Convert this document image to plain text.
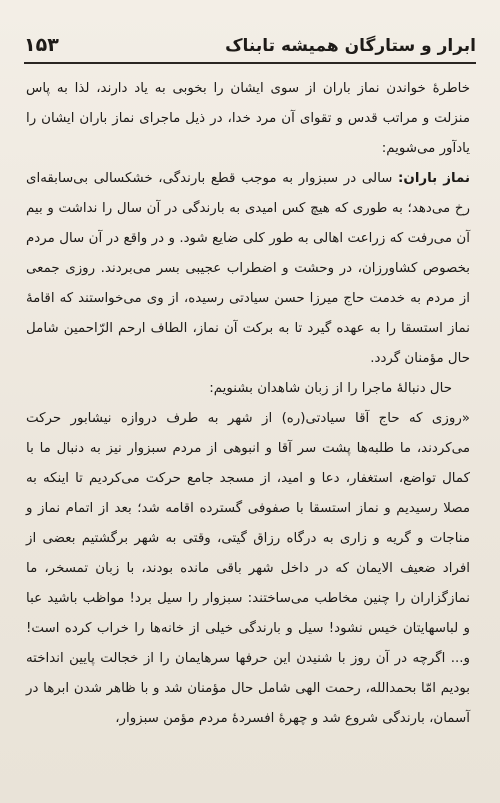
ابرار و ستارگان همیشه تابناک
۱۵۳

خاطرهٔ خواندن نماز باران از سوی ایشان را بخوبی به یاد دارند، لذا به پاس منزلت و مراتب قدس و تقوای آن مرد خدا، در ذیل ماجرای نماز باران ایشان را یادآور می‌شویم:

نماز باران: سالی در سبزوار به موجب قطع بارندگی، خشکسالی بی‌سابقه‌ای رخ می‌دهد؛ به طوری که هیچ کس امیدی به بارندگی در آن سال را نداشت و بیم آن می‌رفت که زراعت اهالی به طور کلی ضایع شود. و در واقع در آن سال مردم بخصوص کشاورزان، در وحشت و اضطراب عجیبی بسر می‌بردند. روزی جمعی از مردم به خدمت حاج میرزا حسن سیادتی رسیده، از وی می‌خواستند که اقامهٔ نماز استسقا را به عهده گیرد تا به برکت آن نماز، الطاف ارحم الرّاحمین شامل حال مؤمنان گردد.

حال دنبالهٔ ماجرا را از زبان شاهدان بشنویم:

«روزی که حاج آقا سیادتی(ره) از شهر به طرف دروازه نیشابور حرکت می‌کردند، ما طلبه‌ها پشت سر آقا و انبوهی از مردم سبزوار نیز به دنبال ما با کمال تواضع، استغفار، دعا و امید، از مسجد جامع حرکت می‌کردیم تا اینکه به مصلا رسیدیم و نماز استسقا با صفوفی گسترده اقامه شد؛ بعد از اتمام نماز و مناجات و گریه و زاری به درگاه رزاق گیتی، وقتی به شهر برگشتیم بعضی از افراد ضعیف الایمان که در داخل شهر باقی مانده بودند، با زبان تمسخر، ما نمازگزاران را چنین مخاطب می‌ساختند: سبزوار را سیل برد! مواظب باشید عبا و لباسهایتان خیس نشود! سیل و بارندگی خیلی از خانه‌ها را خراب کرده است! و... اگرچه در آن روز با شنیدن این حرفها سرهایمان را از خجالت پایین انداخته بودیم امّا بحمدالله، رحمت الهی شامل حال مؤمنان شد و با ظاهر شدن ابرها در آسمان، بارندگی شروع شد و چهرهٔ افسردهٔ مردم مؤمن سبزوار،
